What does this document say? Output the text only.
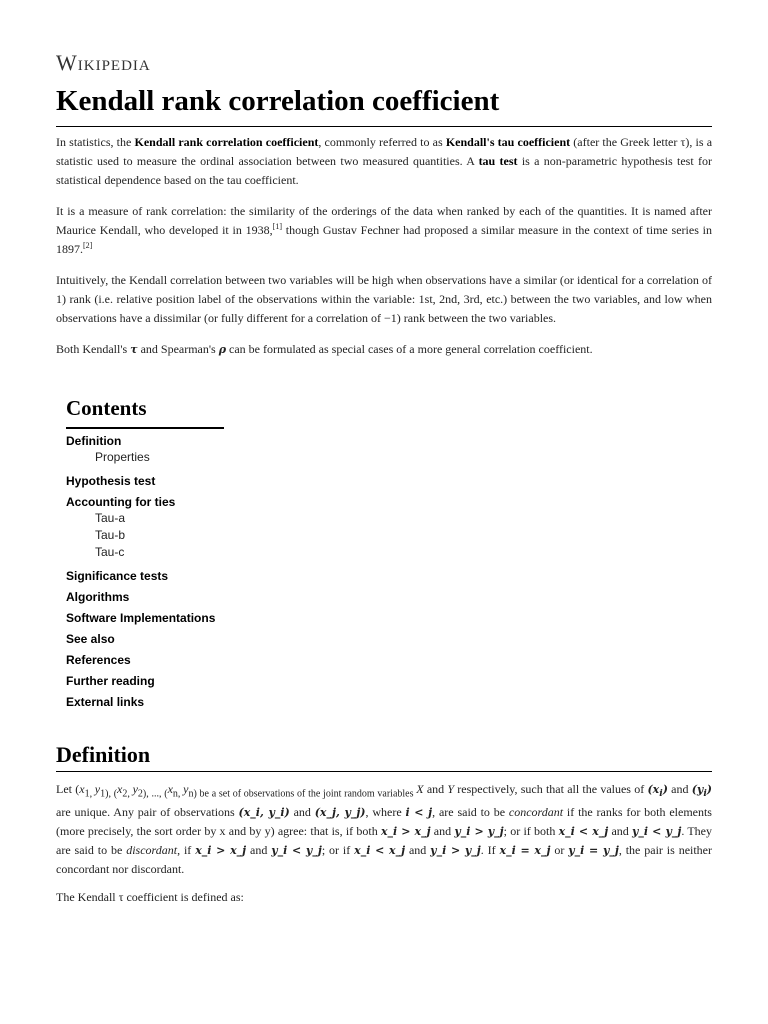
Wikipedia
Kendall rank correlation coefficient

In statistics, the Kendall rank correlation coefficient, commonly referred to as Kendall's tau coefficient (after the Greek letter τ), is a statistic used to measure the ordinal association between two measured quantities. A tau test is a non-parametric hypothesis test for statistical dependence based on the tau coefficient.

It is a measure of rank correlation: the similarity of the orderings of the data when ranked by each of the quantities. It is named after Maurice Kendall, who developed it in 1938,[1] though Gustav Fechner had proposed a similar measure in the context of time series in 1897.[2]

Intuitively, the Kendall correlation between two variables will be high when observations have a similar (or identical for a correlation of 1) rank (i.e. relative position label of the observations within the variable: 1st, 2nd, 3rd, etc.) between the two variables, and low when observations have a dissimilar (or fully different for a correlation of −1) rank between the two variables.

Both Kendall's τ and Spearman's ρ can be formulated as special cases of a more general correlation coefficient.

Contents
Definition
Properties
Hypothesis test
Accounting for ties
Tau-a
Tau-b
Tau-c
Significance tests
Algorithms
Software Implementations
See also
References
Further reading
External links
Definition

Let ($x_{1,}$ $y_{1), (}x_{2,}$ $y_{2), ..., (}x_{n,}$ $y_{n) be a set of observations of the joint random variables}$ X and Y respectively, such that all the values of $(x_i)$ and $(y_i)$ are unique. Any pair of observations (x_i, y_i) and (x_j, y_j), where i < j, are said to be concordant if the ranks for both elements (more precisely, the sort order by x and by y) agree: that is, if both x_i > x_j and y_i > y_j; or if both x_i < x_j and y_i < y_j. They are said to be discordant, if x_i > x_j and y_i < y_j; or if x_i < x_j and y_i > y_j. If x_i = x_j or y_i = y_j, the pair is neither concordant nor discordant.

The Kendall τ coefficient is defined as:
